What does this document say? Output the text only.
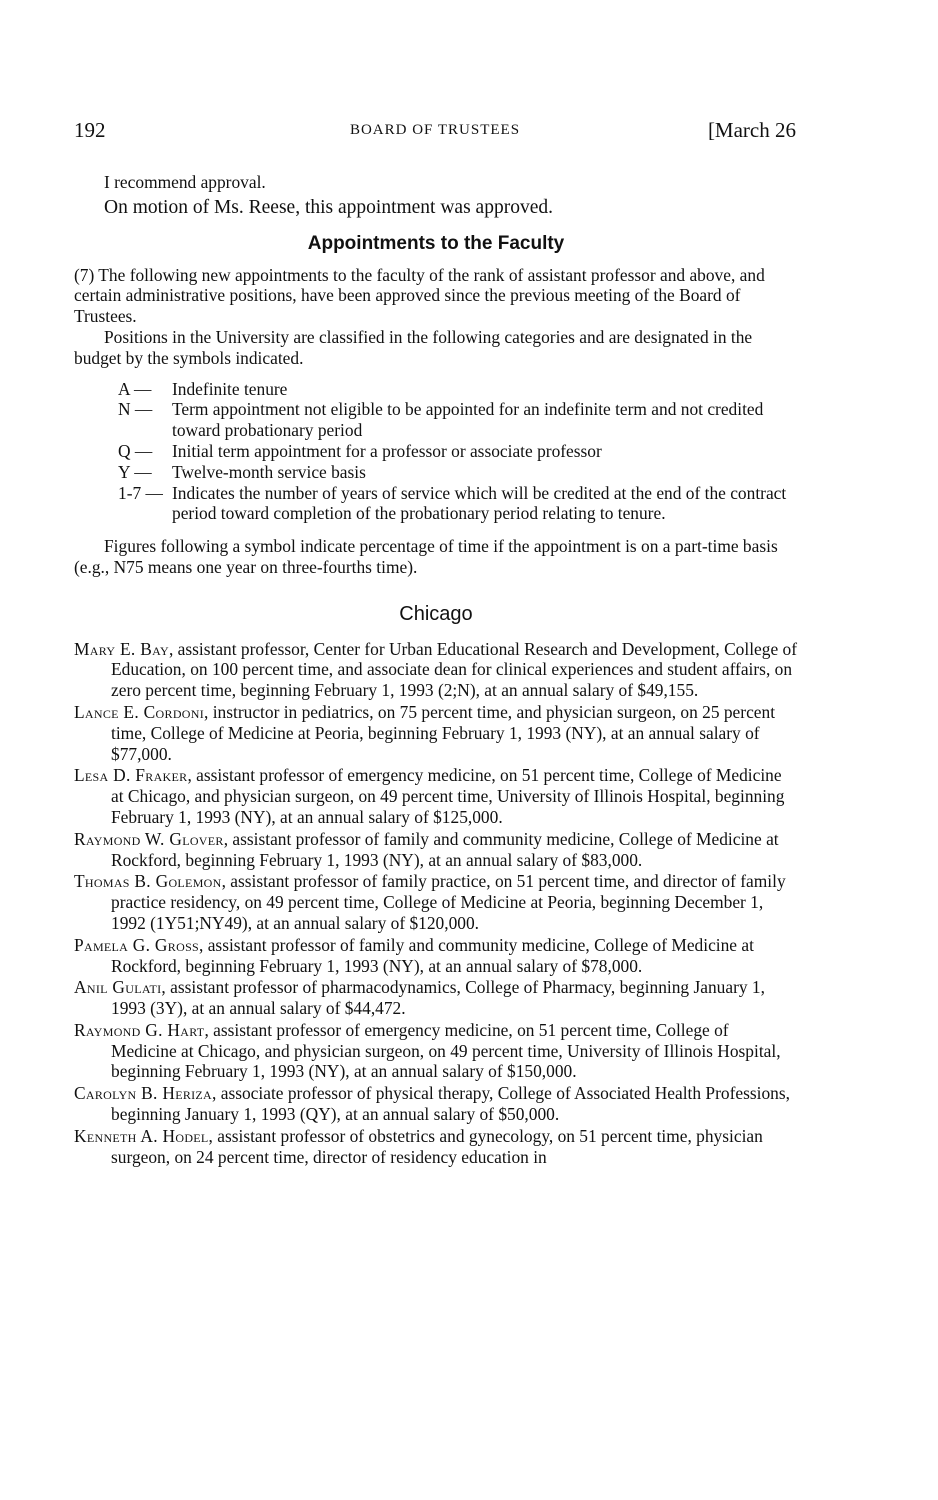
192	BOARD OF TRUSTEES	[March 26

I recommend approval.

On motion of Ms. Reese, this appointment was approved.

Appointments to the Faculty

(7) The following new appointments to the faculty of the rank of assistant professor and above, and certain administrative positions, have been approved since the previous meeting of the Board of Trustees.

Positions in the University are classified in the following categories and are designated in the budget by the symbols indicated.

A —	Indefinite tenure
N —	Term appointment not eligible to be appointed for an indefinite term and not credited toward probationary period
Q —	Initial term appointment for a professor or associate professor
Y —	Twelve-month service basis
1-7 — Indicates the number of years of service which will be credited at the end of the contract period toward completion of the probationary period relating to tenure.

Figures following a symbol indicate percentage of time if the appointment is on a part-time basis (e.g., N75 means one year on three-fourths time).

Chicago

Mary E. Bay, assistant professor, Center for Urban Educational Research and Development, College of Education, on 100 percent time, and associate dean for clinical experiences and student affairs, on zero percent time, beginning February 1, 1993 (2;N), at an annual salary of $49,155.

Lance E. Cordoni, instructor in pediatrics, on 75 percent time, and physician surgeon, on 25 percent time, College of Medicine at Peoria, beginning February 1, 1993 (NY), at an annual salary of $77,000.

Lesa D. Fraker, assistant professor of emergency medicine, on 51 percent time, College of Medicine at Chicago, and physician surgeon, on 49 percent time, University of Illinois Hospital, beginning February 1, 1993 (NY), at an annual salary of $125,000.

Raymond W. Glover, assistant professor of family and community medicine, College of Medicine at Rockford, beginning February 1, 1993 (NY), at an annual salary of $83,000.

Thomas B. Golemon, assistant professor of family practice, on 51 percent time, and director of family practice residency, on 49 percent time, College of Medicine at Peoria, beginning December 1, 1992 (1Y51;NY49), at an annual salary of $120,000.

Pamela G. Gross, assistant professor of family and community medicine, College of Medicine at Rockford, beginning February 1, 1993 (NY), at an annual salary of $78,000.

Anil Gulati, assistant professor of pharmacodynamics, College of Pharmacy, beginning January 1, 1993 (3Y), at an annual salary of $44,472.

Raymond G. Hart, assistant professor of emergency medicine, on 51 percent time, College of Medicine at Chicago, and physician surgeon, on 49 percent time, University of Illinois Hospital, beginning February 1, 1993 (NY), at an annual salary of $150,000.

Carolyn B. Heriza, associate professor of physical therapy, College of Associated Health Professions, beginning January 1, 1993 (QY), at an annual salary of $50,000.

Kenneth A. Hodel, assistant professor of obstetrics and gynecology, on 51 percent time, physician surgeon, on 24 percent time, director of residency education in
